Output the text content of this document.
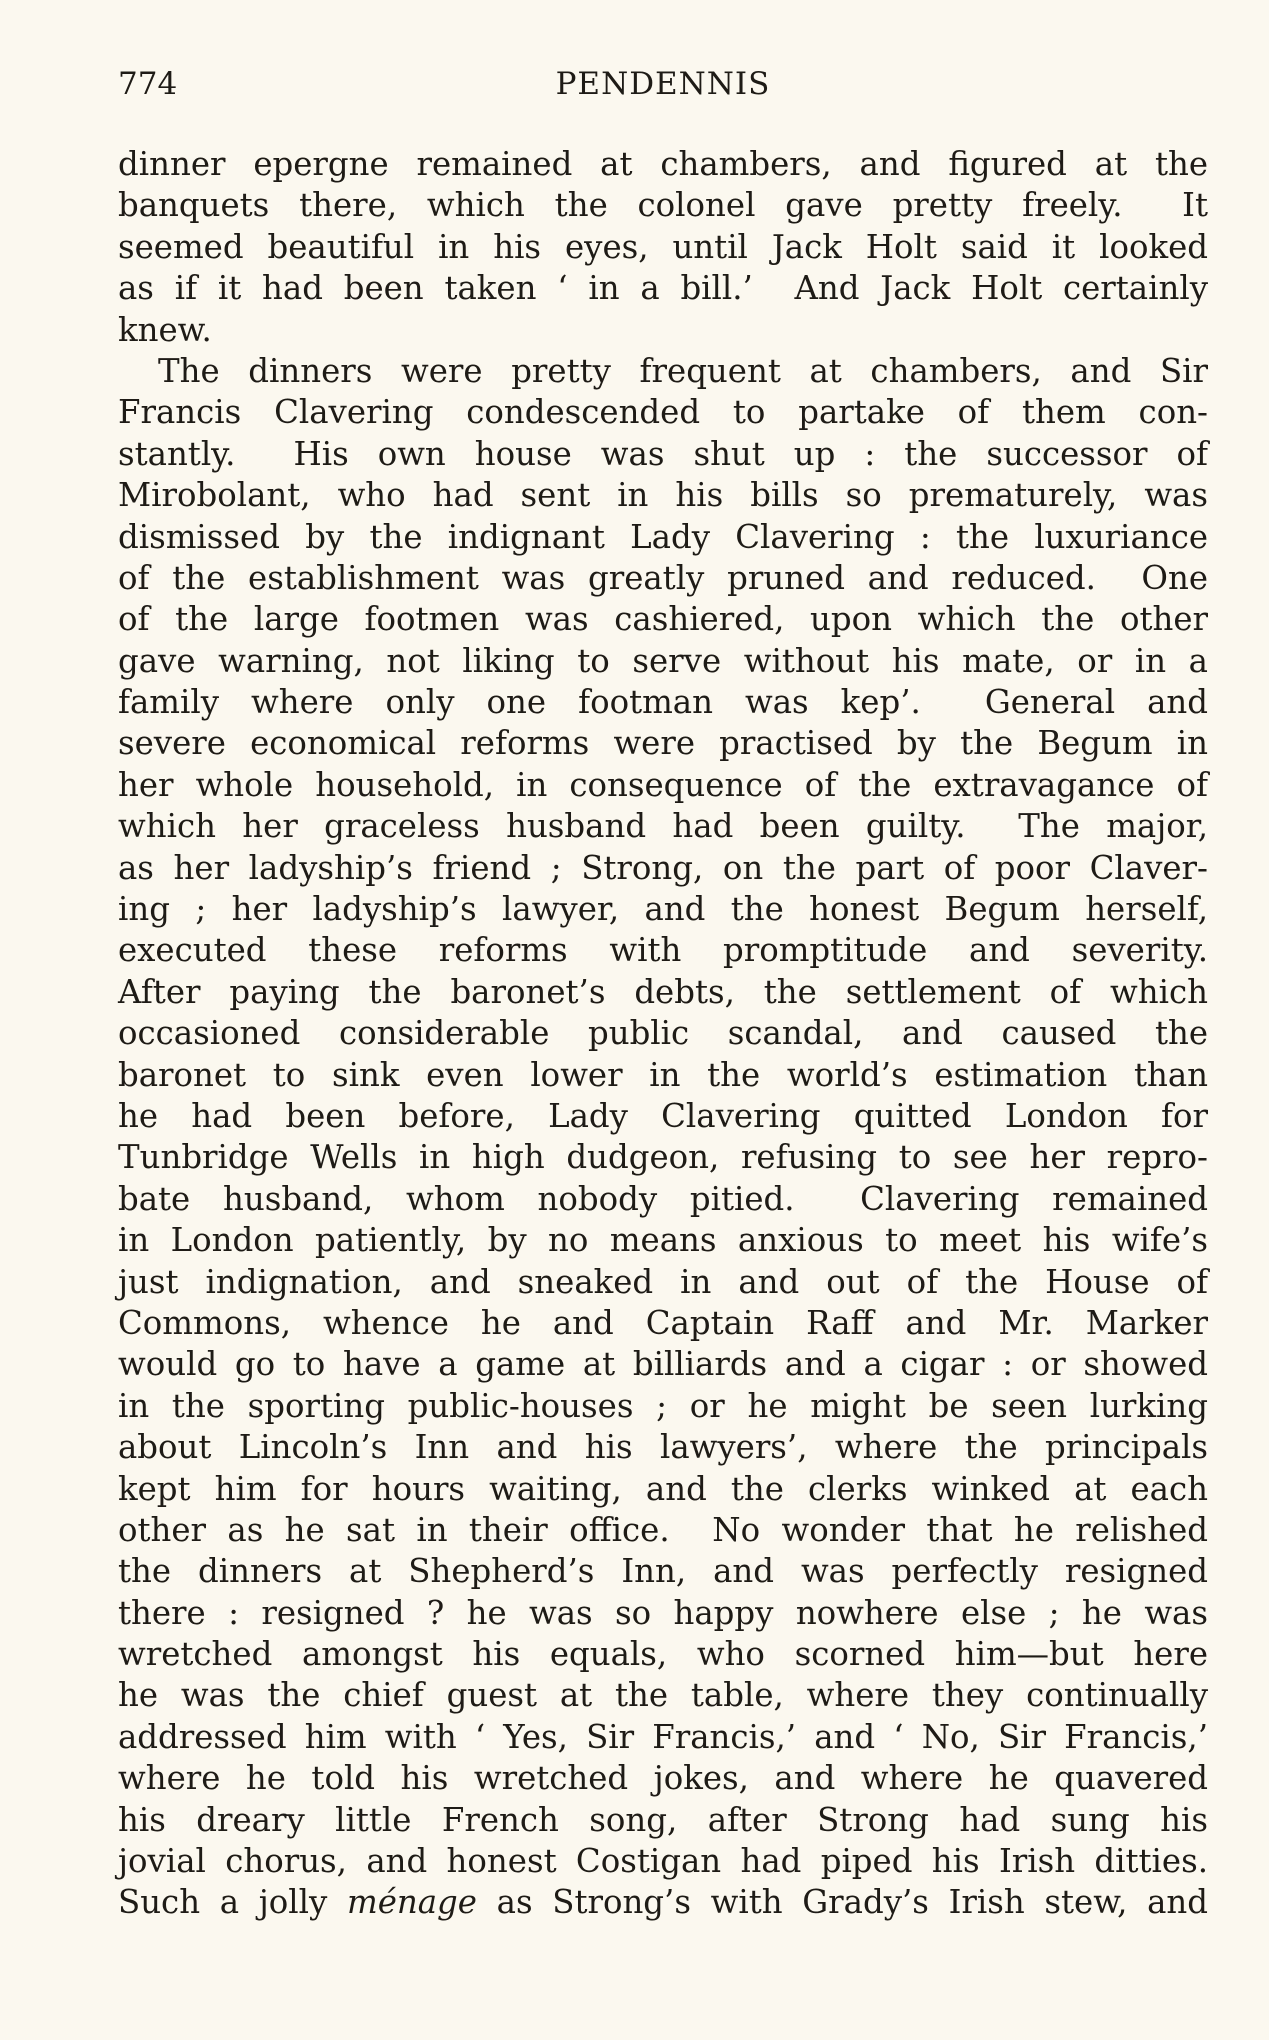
774	PENDENNIS
dinner epergne remained at chambers, and figured at the
banquets there, which the colonel gave pretty freely.  It
seemed beautiful in his eyes, until Jack Holt said it looked
as if it had been taken ‘ in a bill.’  And Jack Holt certainly
knew.
The dinners were pretty frequent at chambers, and Sir
Francis Clavering condescended to partake of them con-
stantly.  His own house was shut up : the successor of
Mirobolant, who had sent in his bills so prematurely, was
dismissed by the indignant Lady Clavering : the luxuriance
of the establishment was greatly pruned and reduced.  One
of the large footmen was cashiered, upon which the other
gave warning, not liking to serve without his mate, or in a
family where only one footman was kep’.  General and
severe economical reforms were practised by the Begum in
her whole household, in consequence of the extravagance of
which her graceless husband had been guilty.  The major,
as her ladyship’s friend ; Strong, on the part of poor Claver-
ing ; her ladyship’s lawyer, and the honest Begum herself,
executed these reforms with promptitude and severity.
After paying the baronet’s debts, the settlement of which
occasioned considerable public scandal, and caused the
baronet to sink even lower in the world’s estimation than
he had been before, Lady Clavering quitted London for
Tunbridge Wells in high dudgeon, refusing to see her repro-
bate husband, whom nobody pitied.  Clavering remained
in London patiently, by no means anxious to meet his wife’s
just indignation, and sneaked in and out of the House of
Commons, whence he and Captain Raff and Mr. Marker
would go to have a game at billiards and a cigar : or showed
in the sporting public-houses ; or he might be seen lurking
about Lincoln’s Inn and his lawyers’, where the principals
kept him for hours waiting, and the clerks winked at each
other as he sat in their office.  No wonder that he relished
the dinners at Shepherd’s Inn, and was perfectly resigned
there : resigned ? he was so happy nowhere else ; he was
wretched amongst his equals, who scorned him—but here
he was the chief guest at the table, where they continually
addressed him with ‘ Yes, Sir Francis,’ and ‘ No, Sir Francis,’
where he told his wretched jokes, and where he quavered
his dreary little French song, after Strong had sung his
jovial chorus, and honest Costigan had piped his Irish ditties.
Such a jolly ménage as Strong’s with Grady’s Irish stew, and
